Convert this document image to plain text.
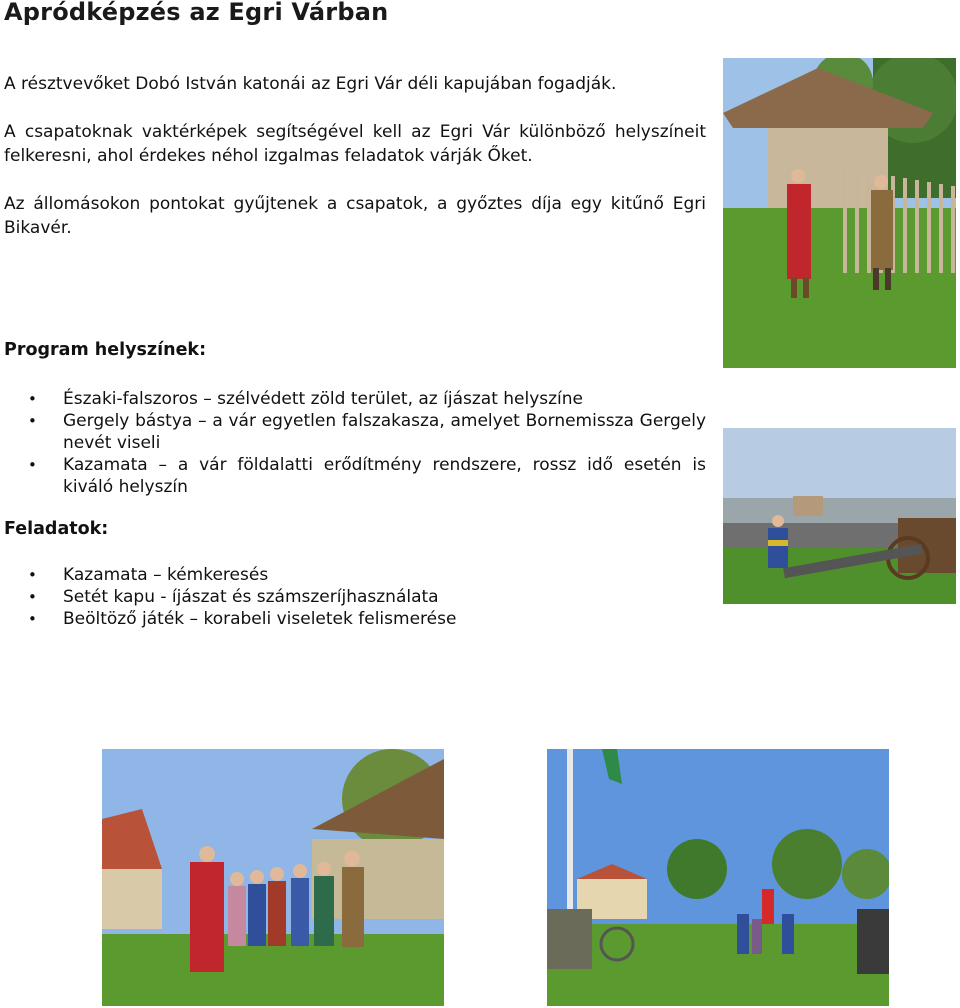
Apródképzés az Egri Várban

A résztvevőket Dobó István katonái az Egri Vár déli kapujában fogadják.

A csapatoknak vaktérképek segítségével kell az Egri Vár különböző helyszíneit felkeresni, ahol érdekes néhol izgalmas feladatok várják Őket.

Az állomásokon pontokat gyűjtenek a csapatok, a győztes díja egy kitűnő Egri Bikavér.

Program helyszínek:
• Északi-falszoros – szélvédett zöld terület, az íjászat helyszíne
• Gergely bástya – a vár egyetlen falszakasza, amelyet Bornemissza Gergely nevét viseli
• Kazamata – a vár földalatti erődítmény rendszere, rossz idő esetén is kiváló helyszín
Feladatok:
• Kazamata – kémkeresés
• Setét kapu - íjászat és számszeríjhasználata
• Beöltöző játék – korabeli viseletek felismerése
